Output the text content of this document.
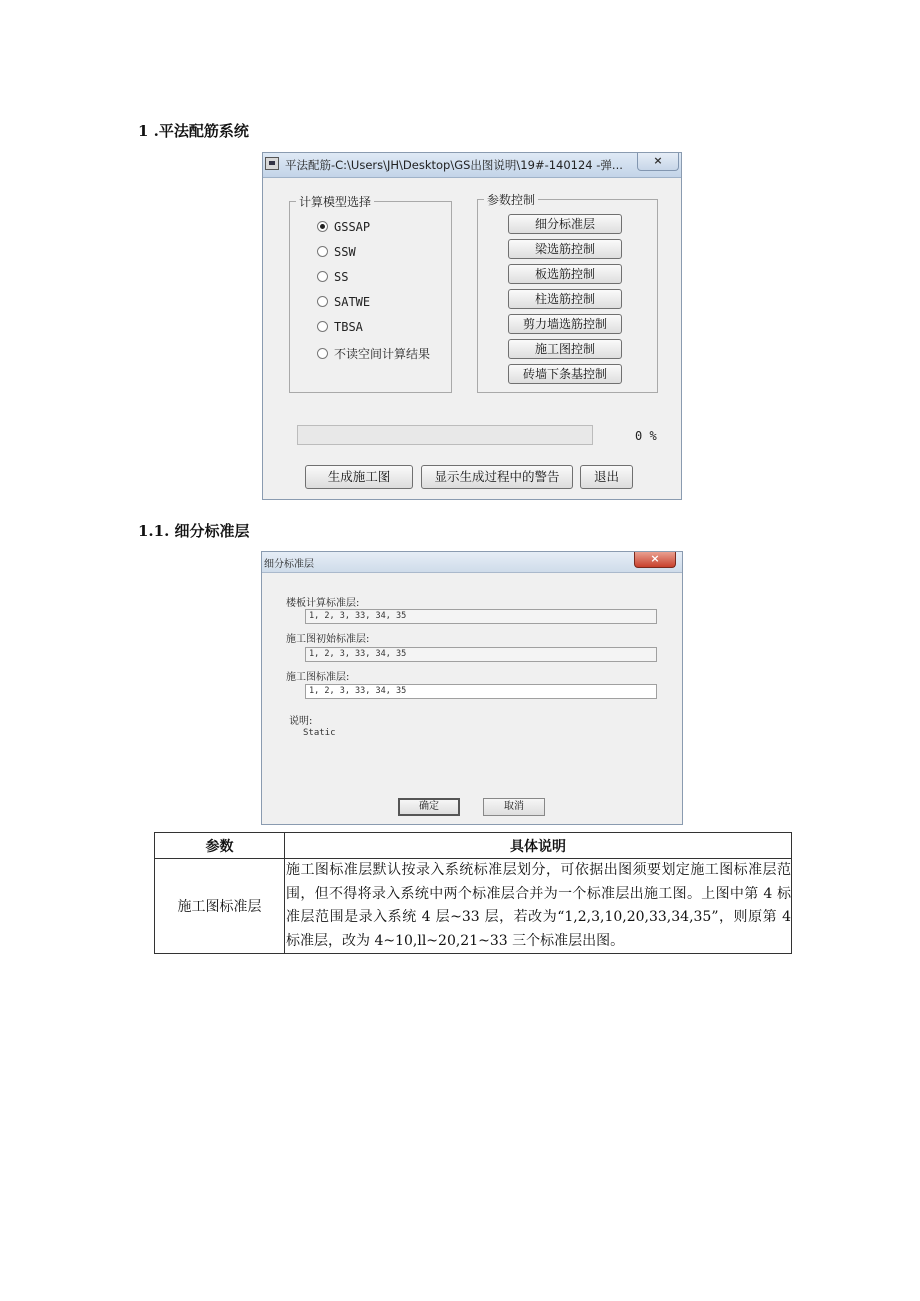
1 .平法配筋系统
平法配筋-C:\Users\JH\Desktop\GS出图说明\19#-140124 -弹...	×
计算模型选择
GSSAP
SSW
SS
SATWE
TBSA
不读空间计算结果
参数控制
细分标准层
梁选筋控制
板选筋控制
柱选筋控制
剪力墙选筋控制
施工图控制
砖墙下条基控制
0 %
生成施工图	显示生成过程中的警告	退出
1.1. 细分标准层
细分标准层	×
楼板计算标准层:
1, 2, 3, 33, 34, 35
施工图初始标准层:
1, 2, 3, 33, 34, 35
施工图标准层:
1, 2, 3, 33, 34, 35
说明:
Static
确定	取消
参数	具体说明
施工图标准层	施工图标准层默认按录入系统标准层划分，可依据出图须要划定施工图标准层范围，但不得将录入系统中两个标准层合并为一个标准层出施工图。上图中第 4 标准层范围是录入系统 4 层~33 层，若改为“1,2,3,10,20,33,34,35”，则原第 4 标准层，改为 4~10,ll~20,21~33 三个标准层出图。
